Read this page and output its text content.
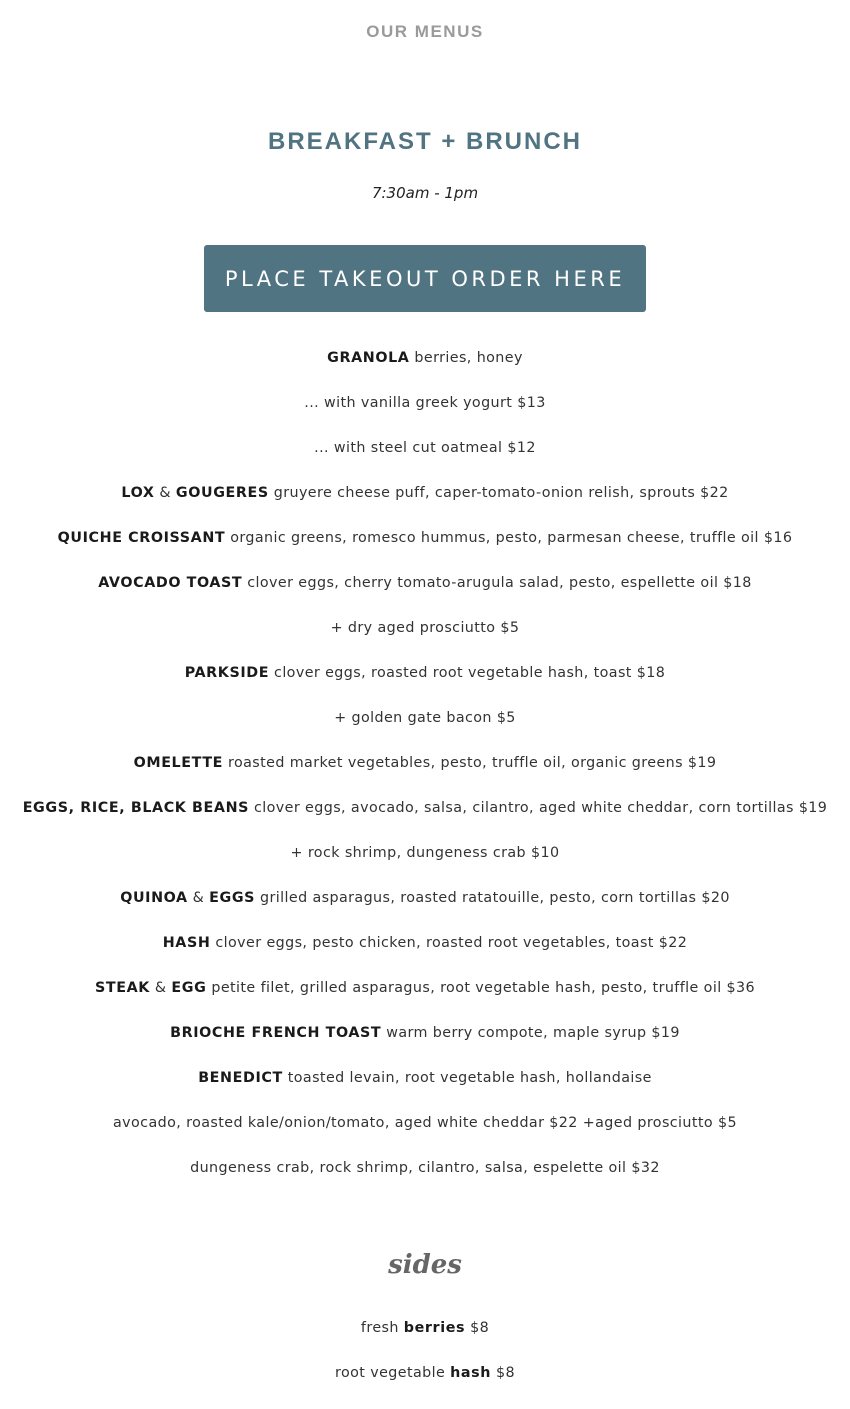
OUR MENUS
BREAKFAST + BRUNCH
7:30am - 1pm
PLACE TAKEOUT ORDER HERE
GRANOLA berries, honey
... with vanilla greek yogurt $13
... with steel cut oatmeal $12
LOX & GOUGERES gruyere cheese puff, caper-tomato-onion relish, sprouts $22
QUICHE CROISSANT organic greens, romesco hummus, pesto, parmesan cheese, truffle oil $16
AVOCADO TOAST clover eggs, cherry tomato-arugula salad, pesto, espellette oil $18
+ dry aged prosciutto $5
PARKSIDE clover eggs, roasted root vegetable hash, toast $18
+ golden gate bacon $5
OMELETTE roasted market vegetables, pesto, truffle oil, organic greens $19
EGGS, RICE, BLACK BEANS clover eggs, avocado, salsa, cilantro, aged white cheddar, corn tortillas $19
+ rock shrimp, dungeness crab $10
QUINOA & EGGS grilled asparagus, roasted ratatouille, pesto, corn tortillas $20
HASH clover eggs, pesto chicken, roasted root vegetables, toast $22
STEAK & EGG petite filet, grilled asparagus, root vegetable hash, pesto, truffle oil $36
BRIOCHE FRENCH TOAST warm berry compote, maple syrup $19
BENEDICT toasted levain, root vegetable hash, hollandaise
avocado, roasted kale/onion/tomato, aged white cheddar $22 +aged prosciutto $5
dungeness crab, rock shrimp, cilantro, salsa, espelette oil $32
sides
fresh berries $8
root vegetable hash $8
